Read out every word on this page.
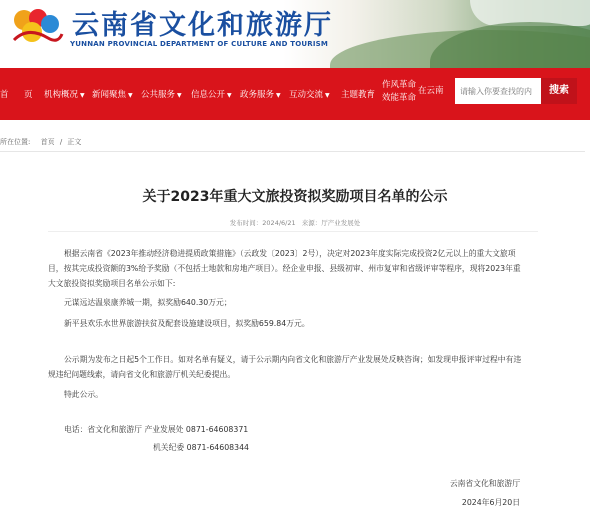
云南省文化和旅游厅
YUNNAN PROVINCIAL DEPARTMENT OF CULTURE AND TOURISM
首 页 机构概况 ▼ 新闻聚焦 ▼ 公共服务 ▼ 信息公开 ▼ 政务服务 ▼ 互动交流 ▼ 主题教育
作风革命
效能革命
在云南
请输入你要查找的内	搜索
所在位置: 首页 / 正文
关于2023年重大文旅投资拟奖励项目名单的公示
发布时间：2024/6/21 来源：厅产业发展处
根据云南省《2023年推动经济稳进提质政策措施》（云政发〔2023〕2号），决定对2023年度实际完成投资2亿元以上的重大文旅项目，按其完成投资额的3%给予奖励（不包括土地款和房地产项目）。经企业申报、县级初审、州市复审和省级评审等程序，现将2023年重大文旅投资拟奖励项目名单公示如下:
元谋远达温泉康养城一期，拟奖励640.30万元；
新平县欢乐水世界旅游扶贫及配套设施建设项目，拟奖励659.84万元。
公示期为发布之日起5个工作日。如对名单有疑义，请于公示期内向省文化和旅游厅产业发展处反映咨询；如发现申报评审过程中有违规违纪问题线索，请向省文化和旅游厅机关纪委提出。
特此公示。
电话：省文化和旅游厅 产业发展处 0871-64608371
机关纪委 0871-64608344
云南省文化和旅游厅
2024年6月20日
